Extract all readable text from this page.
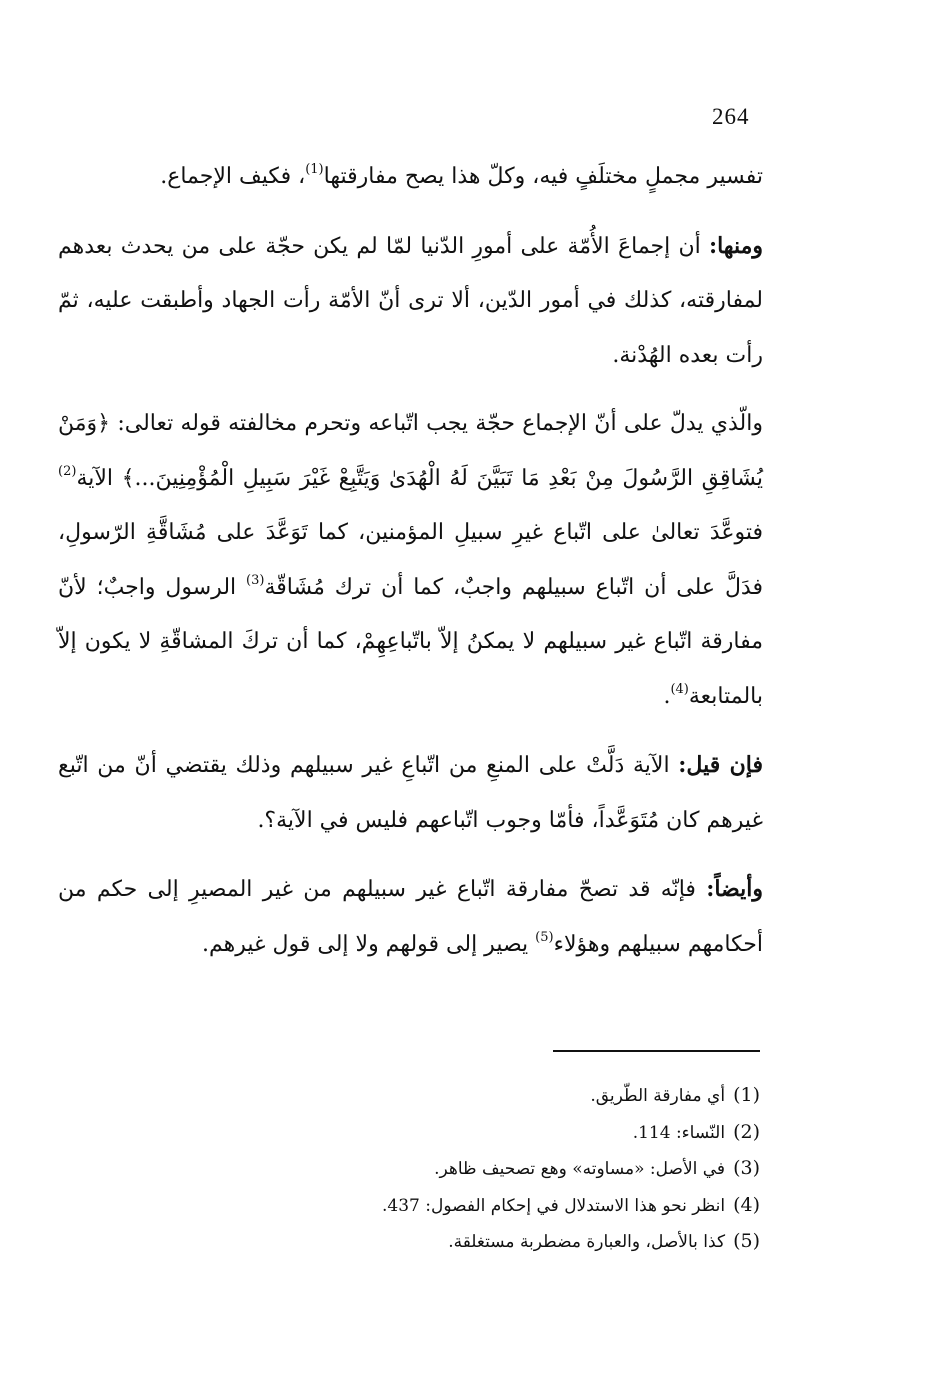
264

تفسير مجملٍ مختلَفٍ فيه، وكلّ هذا يصح مفارقتها$^{(1)}$، فكيف الإجماع.

ومنها: أن إجماعَ الأُمّة على أمورِ الدّنيا لمّا لم يكن حجّة على من يحدث بعدهم لمفارقته، كذلك في أمور الدّين، ألا ترى أنّ الأمّة رأت الجهاد وأطبقت عليه، ثمّ رأت بعده الهُدْنة.

والّذي يدلّ على أنّ الإجماع حجّة يجب اتّباعه وتحرم مخالفته قوله تعالى: ﴿وَمَنْ يُشَاقِقِ الرَّسُولَ مِنْ بَعْدِ مَا تَبَيَّنَ لَهُ الْهُدَىٰ وَيَتَّبِعْ غَيْرَ سَبِيلِ الْمُؤْمِنِينَ...﴾ الآية$^{(2)}$ فتوعَّدَ تعالىٰ على اتّباع غيرِ سبيلِ المؤمنين، كما تَوَعَّدَ على مُشَاقَّةِ الرّسولِ، فدَلَّ على أن اتّباع سبيلهم واجبٌ، كما أن ترك مُشَاقّة$^{(3)}$ الرسول واجبٌ؛ لأنّ مفارقة اتّباع غير سبيلهم لا يمكنُ إلاّ باتّباعِهِمْ، كما أن تركَ المشاقّةِ لا يكون إلاّ بالمتابعة$^{(4)}$.

فإن قيل: الآية دَلَّتْ على المنعِ من اتّباعِ غير سبيلهم وذلك يقتضي أنّ من اتّبع غيرهم كان مُتَوَعَّداً، فأمّا وجوب اتّباعهم فليس في الآية؟.

وأيضاً: فإنّه قد تصحّ مفارقة اتّباع غير سبيلهم من غير المصيرِ إلى حكم من أحكامهم سبيلهم وهؤلاء$^{(5)}$ يصير إلى قولهم ولا إلى قول غيرهم.

(1)أي مفارقة الطّريق.
(2)النّساء: 114.
(3)في الأصل: «مساوته» وهع تصحيف ظاهر.
(4)انظر نحو هذا الاستدلال في إحكام الفصول: 437.
(5)كذا بالأصل، والعبارة مضطربة مستغلقة.
